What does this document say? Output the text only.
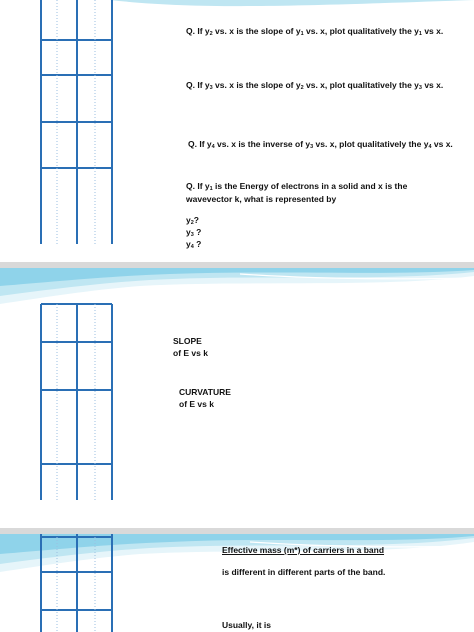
Q. If $y_2$ vs. x is the slope of $y_1$ vs. x, plot qualitatively the $y_1$ vs x.
Q. If $y_3$ vs. x is the slope of $y_2$ vs. x, plot qualitatively the $y_3$ vs x.
Q. If $y_4$ vs. x is the inverse of $y_3$ vs. x, plot qualitatively the $y_4$ vs x.
Q. If $y_1$ is the Energy of electrons in a solid and x is the
wavevector k, what is represented by
$y_2$?
$y_3$ ?
$y_4$ ?
SLOPE
of E vs k
CURVATURE
of E vs k
Effective mass (m*) of carriers in a band
is different in different parts of the band.
Usually, it is
